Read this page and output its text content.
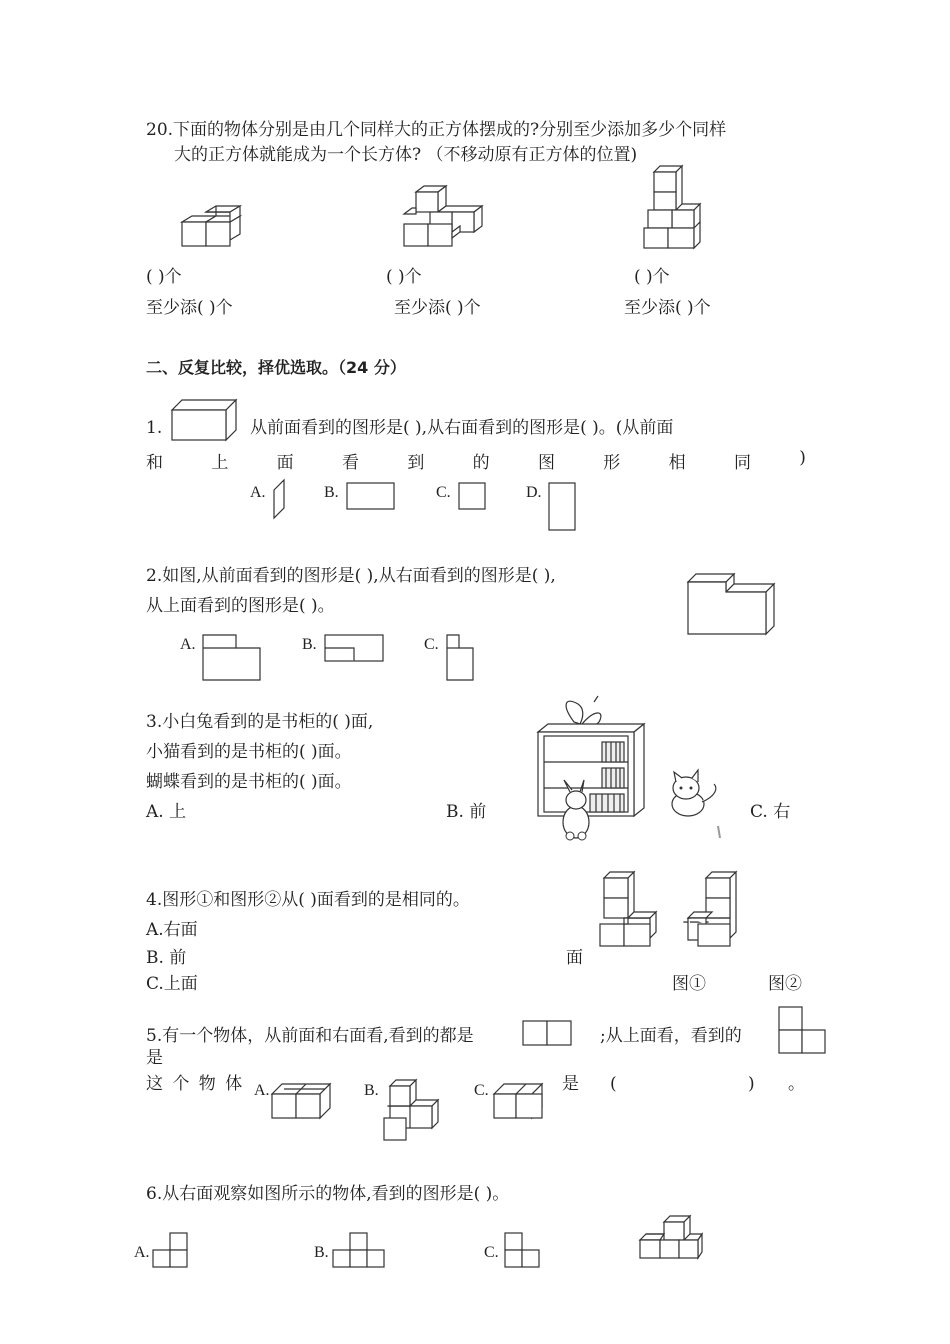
20.下面的物体分别是由几个同样大的正方体摆成的?分别至少添加多少个同样
大的正方体就能成为一个长方体? （不移动原有正方体的位置)
( )个	( )个	( )个
至少添( )个	至少添( )个	至少添( )个
二、反复比较，择优选取。（24 分）
1.	从前面看到的图形是( ),从右面看到的图形是( )。(从前面
和	上	面	看	到	的	图	形	相	同	)
A.	B.	C.	D.
2.如图,从前面看到的图形是( ),从右面看到的图形是( ),
从上面看到的图形是( )。
A.	B.	C.
3.小白兔看到的是书柜的( )面,
小猫看到的是书柜的( )面。
蝴蝶看到的是书柜的( )面。
A. 上	B. 前	C. 右
4.图形①和图形②从( )面看到的是相同的。
A.右面
B. 前	面
C.上面	图①	图②
5.有一个物体，从前面和右面看,看到的都是	;从上面看，看到的
是
这 个 物 体 A.	B.	C.	是 (	) 。
6.从右面观察如图所示的物体,看到的图形是( )。
A.	B.	C.
